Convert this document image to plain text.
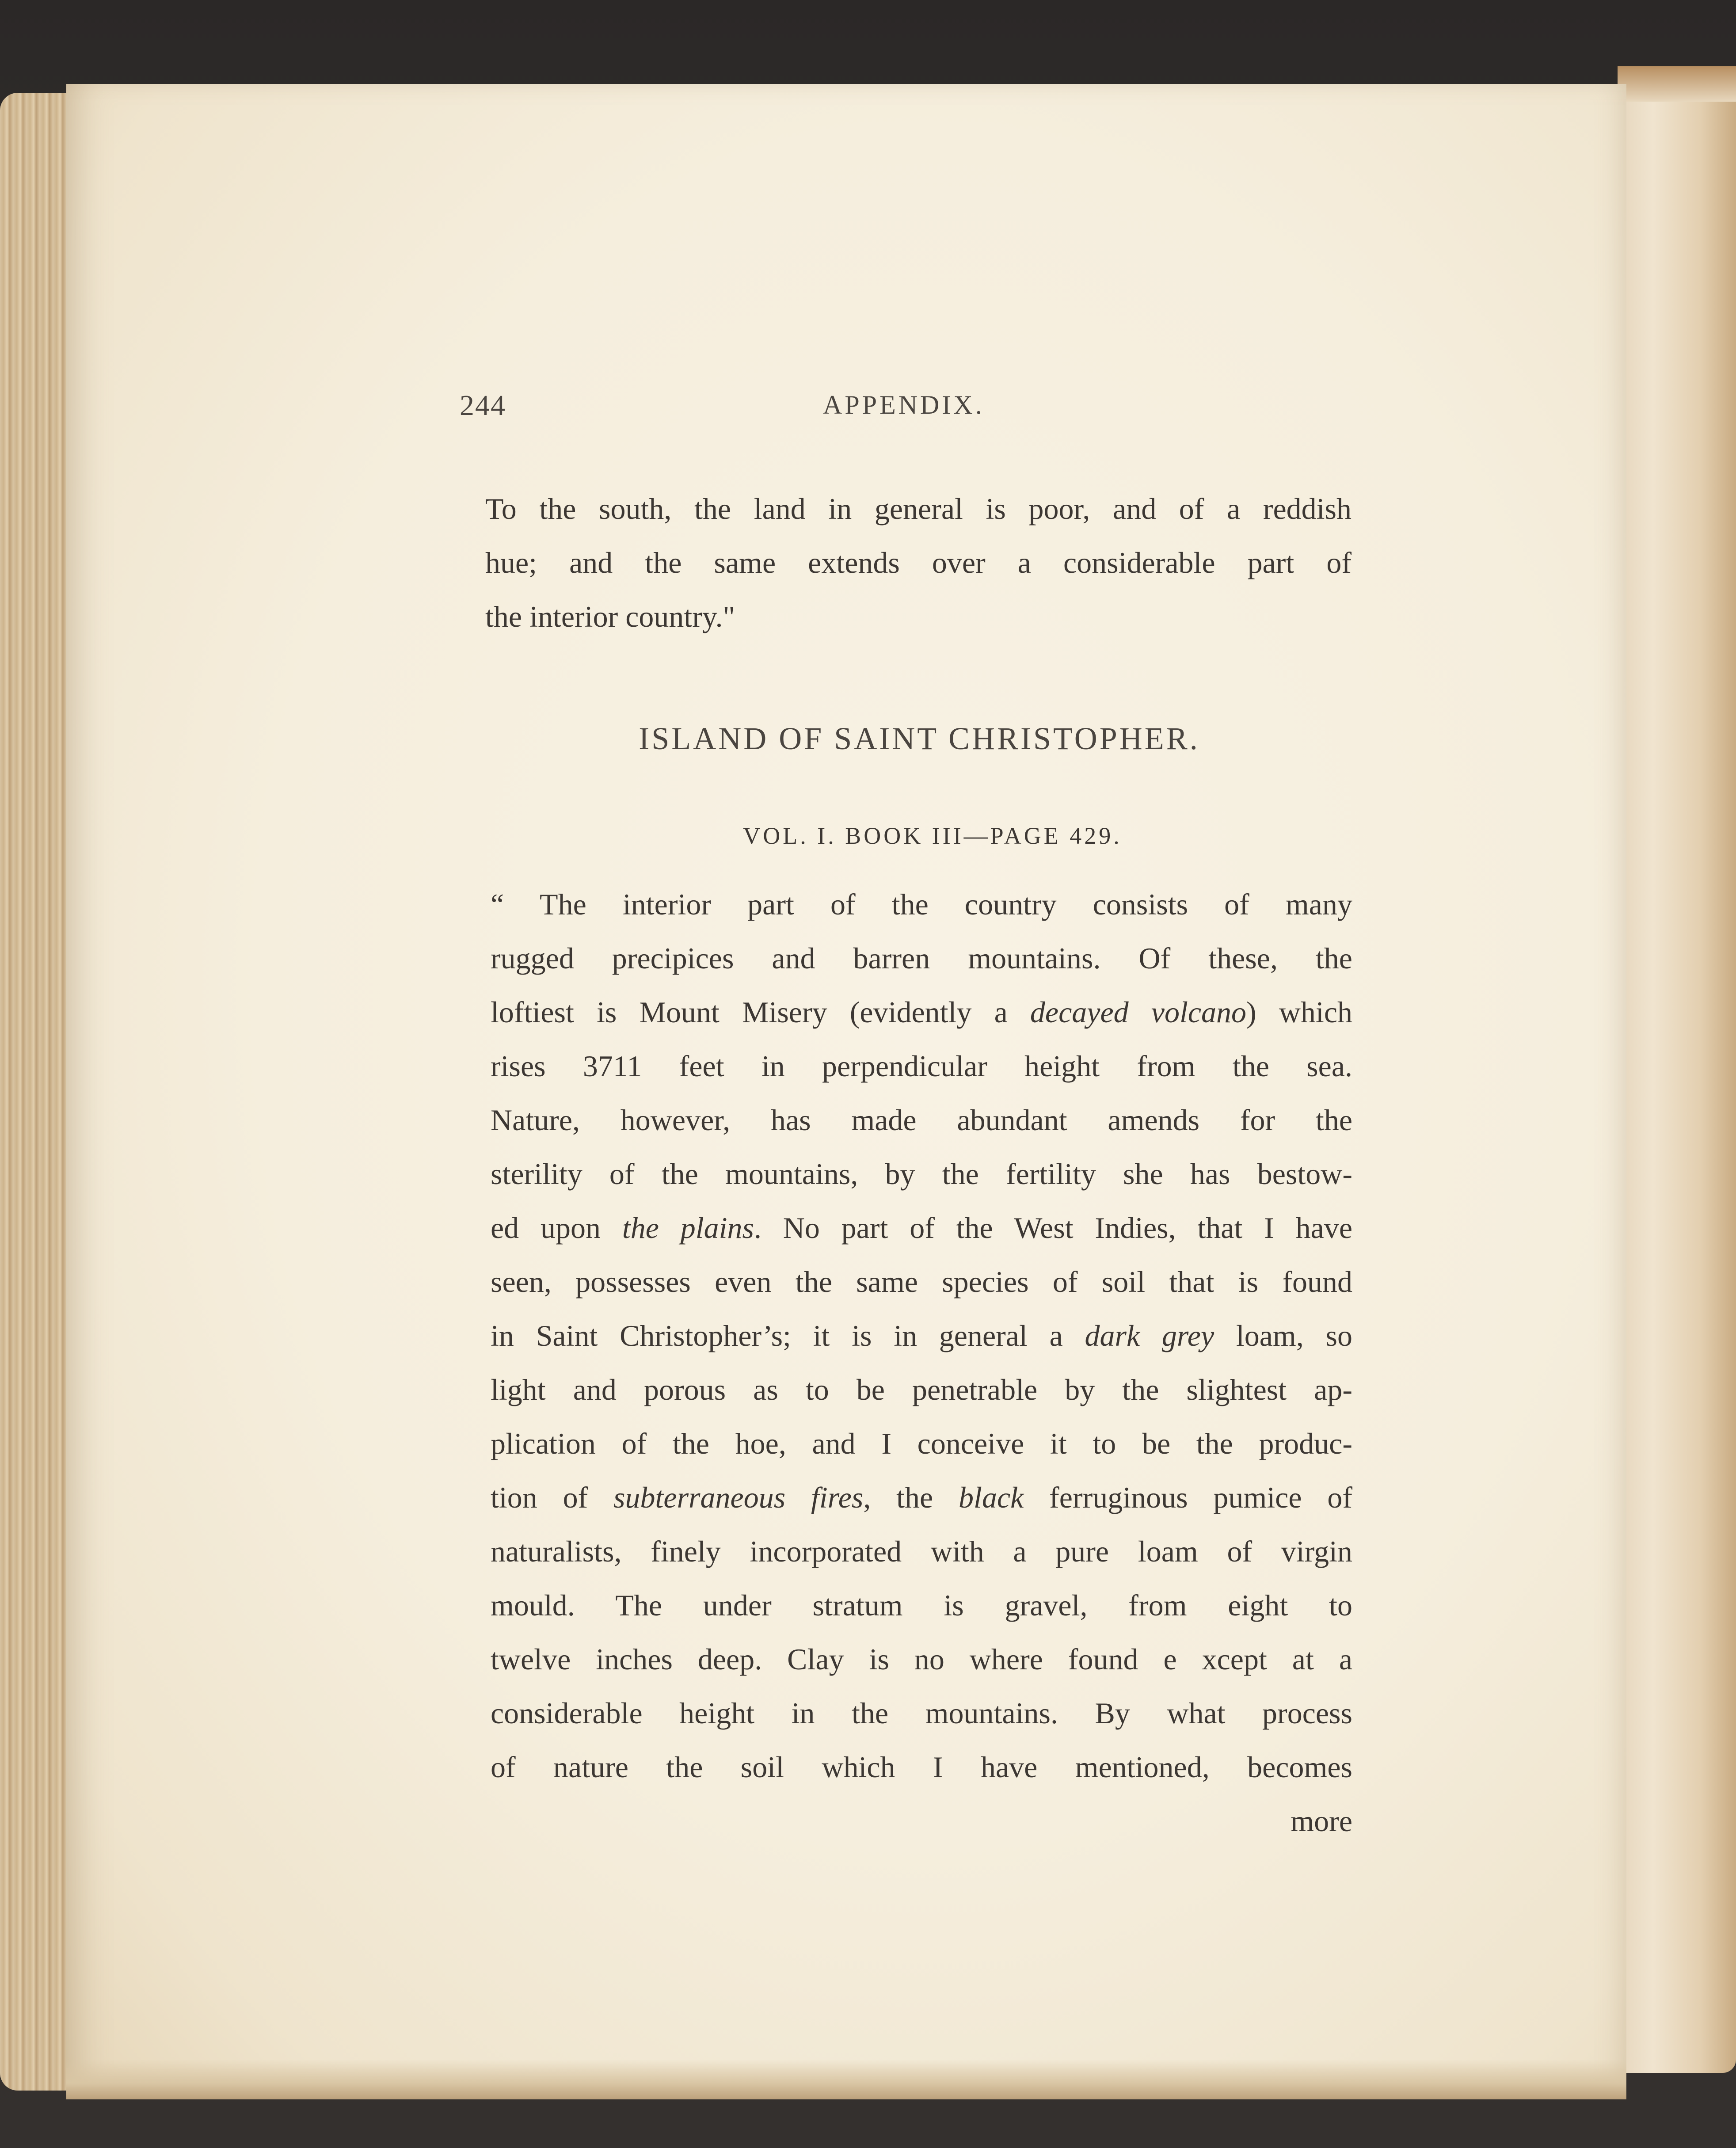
244	APPENDIX.
To the south, the land in general is poor, and of a reddish
hue; and the same extends over a considerable part of
the interior country."
ISLAND OF SAINT CHRISTOPHER.
VOL. I. BOOK III—PAGE 429.
“ The interior part of the country consists of many
rugged precipices and barren mountains. Of these, the
loftiest is Mount Misery (evidently a decayed volcano) which
rises 3711 feet in perpendicular height from the sea.
Nature, however, has made abundant amends for the
sterility of the mountains, by the fertility she has bestow-
ed upon the plains. No part of the West Indies, that I have
seen, possesses even the same species of soil that is found
in Saint Christopher’s; it is in general a dark grey loam, so
light and porous as to be penetrable by the slightest ap-
plication of the hoe, and I conceive it to be the produc-
tion of subterraneous fires, the black ferruginous pumice of
naturalists, finely incorporated with a pure loam of virgin
mould. The under stratum is gravel, from eight to
twelve inches deep. Clay is no where found e xcept at a
considerable height in the mountains. By what process
of nature the soil which I have mentioned, becomes
more
